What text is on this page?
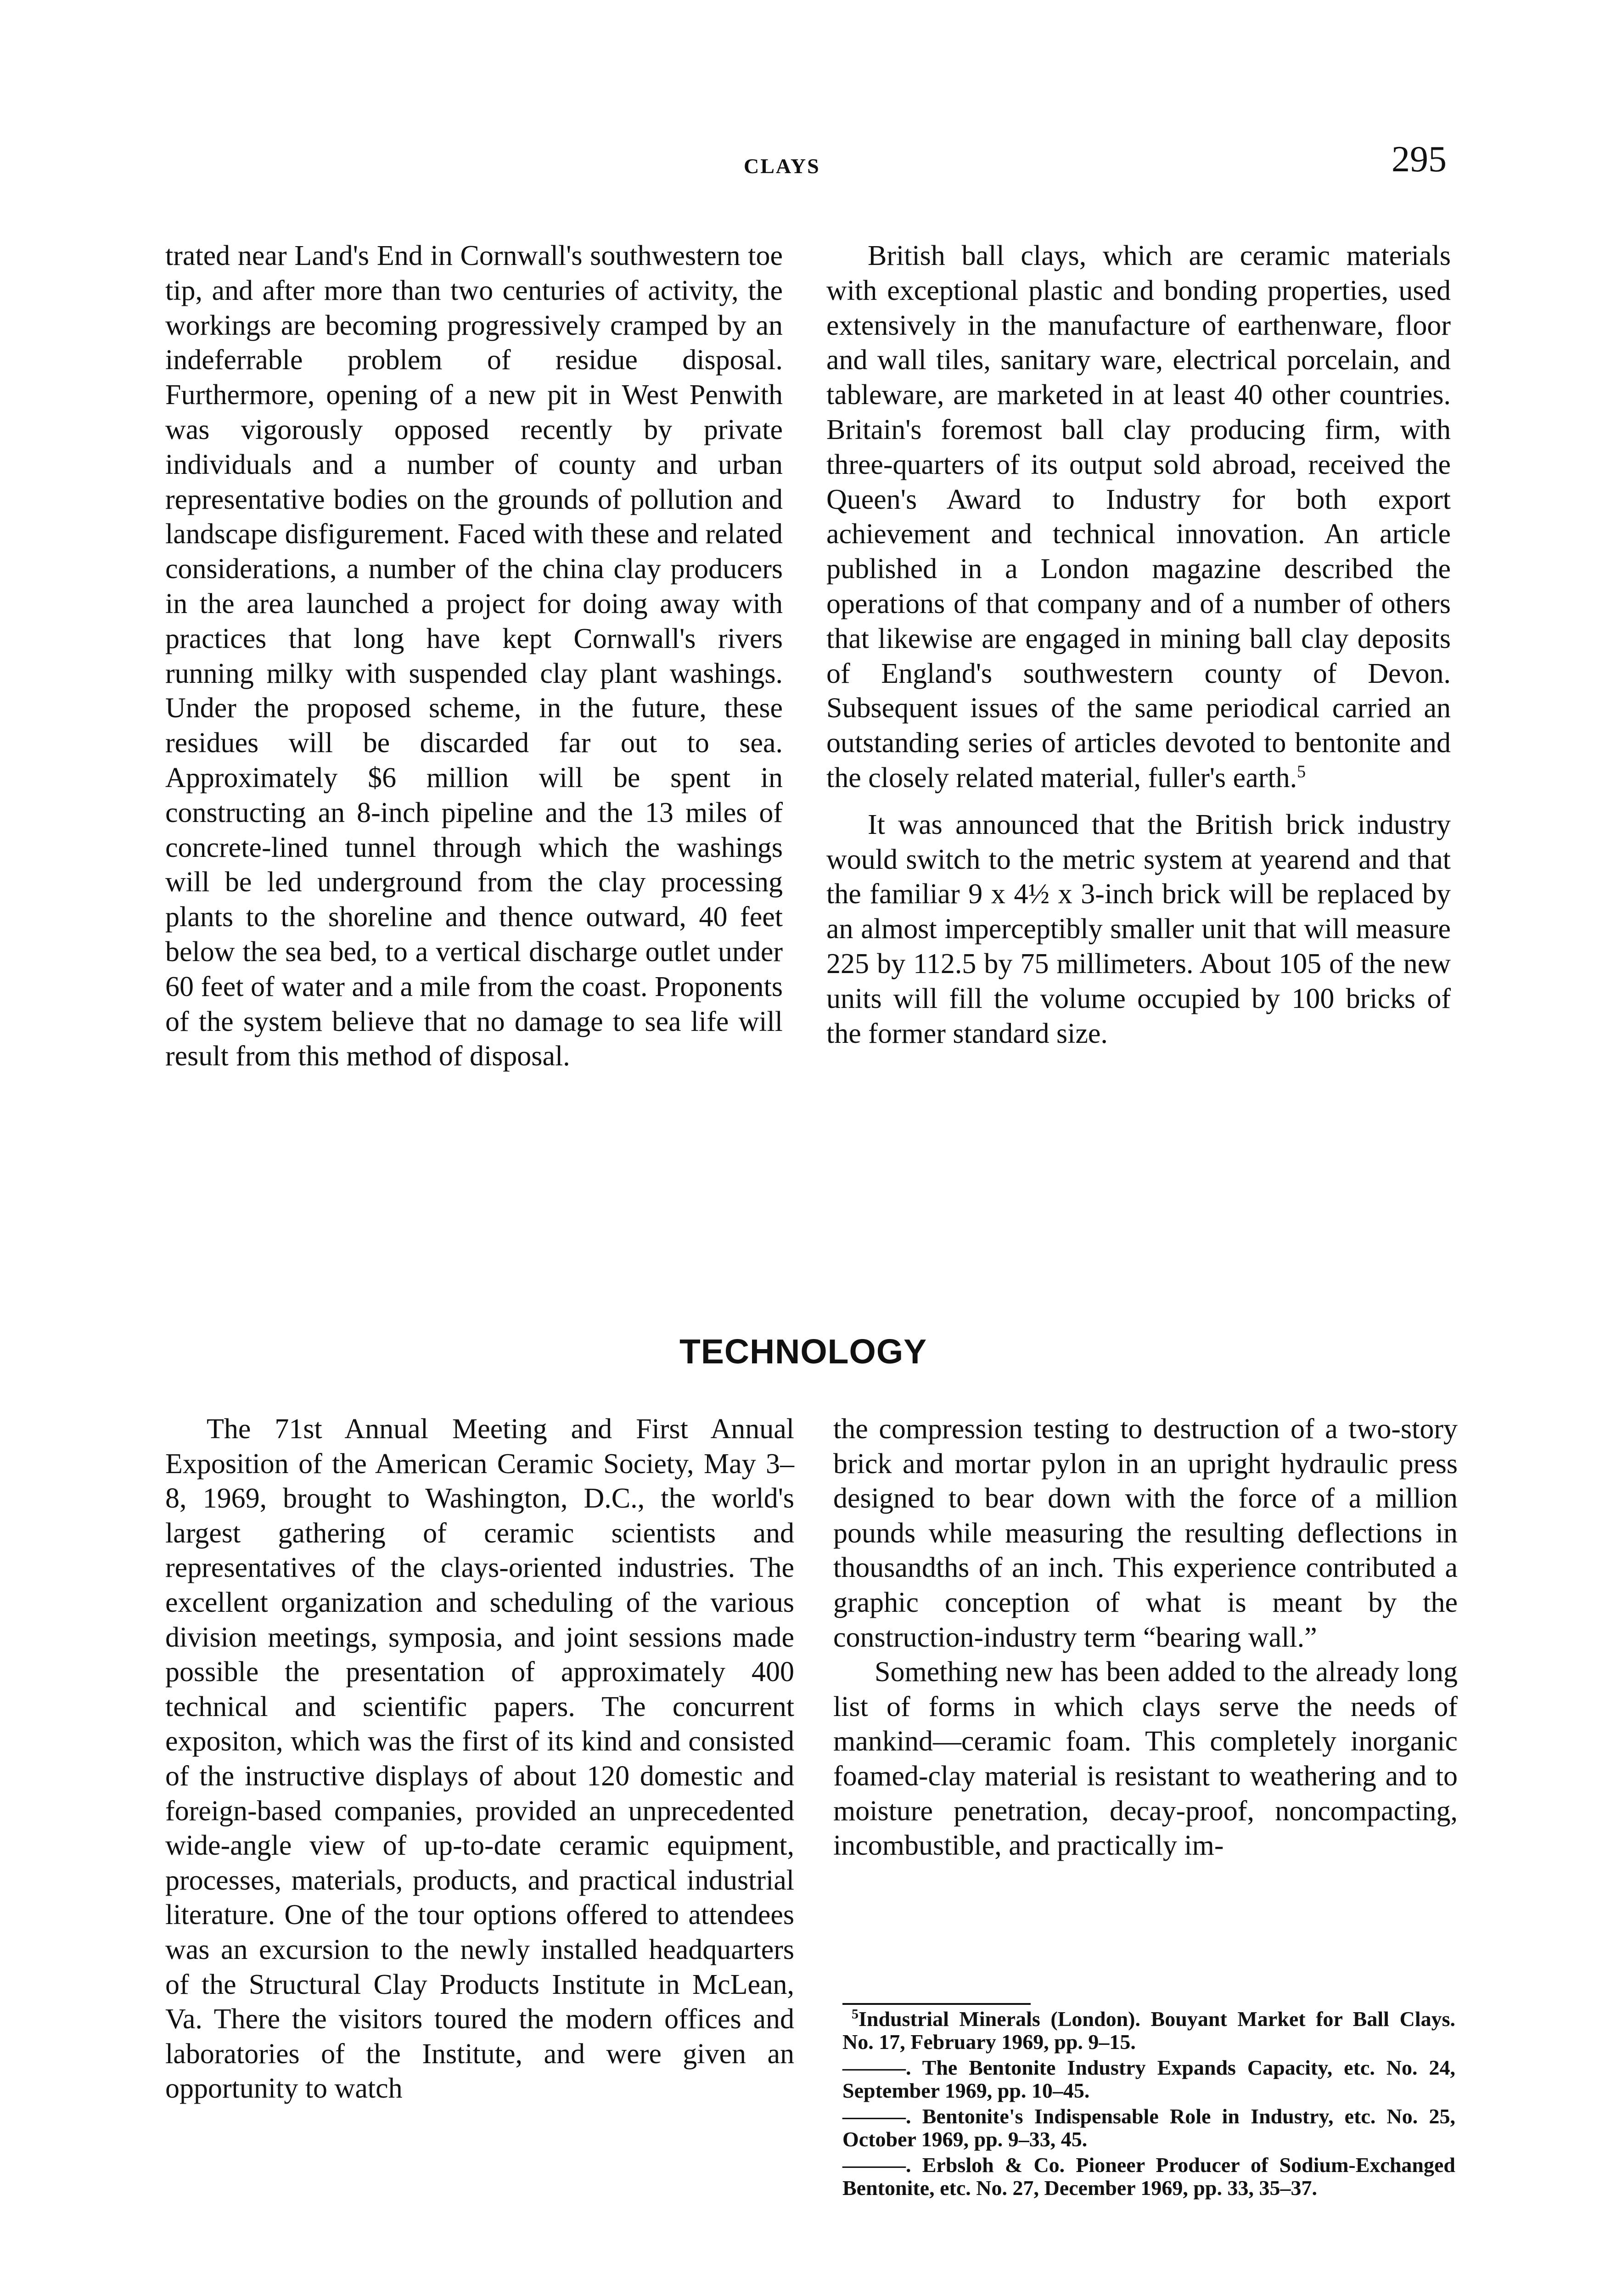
CLAYS	295

trated near Land's End in Cornwall's southwestern toe tip, and after more than two centuries of activity, the workings are becoming progressively cramped by an indeferrable problem of residue disposal. Furthermore, opening of a new pit in West Penwith was vigorously opposed recently by private individuals and a number of county and urban representative bodies on the grounds of pollution and landscape disfigurement. Faced with these and related considerations, a number of the china clay producers in the area launched a project for doing away with practices that long have kept Cornwall's rivers running milky with suspended clay plant washings. Under the proposed scheme, in the future, these residues will be discarded far out to sea. Approximately $6 million will be spent in constructing an 8-inch pipeline and the 13 miles of concrete-lined tunnel through which the washings will be led underground from the clay processing plants to the shoreline and thence outward, 40 feet below the sea bed, to a vertical discharge outlet under 60 feet of water and a mile from the coast. Proponents of the system believe that no damage to sea life will result from this method of disposal.

British ball clays, which are ceramic materials with exceptional plastic and bonding properties, used extensively in the manufacture of earthenware, floor and wall tiles, sanitary ware, electrical porcelain, and tableware, are marketed in at least 40 other countries. Britain's foremost ball clay producing firm, with three-quarters of its output sold abroad, received the Queen's Award to Industry for both export achievement and technical innovation. An article published in a London magazine described the operations of that company and of a number of others that likewise are engaged in mining ball clay deposits of England's southwestern county of Devon. Subsequent issues of the same periodical carried an outstanding series of articles devoted to bentonite and the closely related material, fuller's earth.$^5$

It was announced that the British brick industry would switch to the metric system at yearend and that the familiar 9 x 4½ x 3-inch brick will be replaced by an almost imperceptibly smaller unit that will measure 225 by 112.5 by 75 millimeters. About 105 of the new units will fill the volume occupied by 100 bricks of the former standard size.

TECHNOLOGY

The 71st Annual Meeting and First Annual Exposition of the American Ceramic Society, May 3–8, 1969, brought to Washington, D.C., the world's largest gathering of ceramic scientists and representatives of the clays-oriented industries. The excellent organization and scheduling of the various division meetings, symposia, and joint sessions made possible the presentation of approximately 400 technical and scientific papers. The concurrent expositon, which was the first of its kind and consisted of the instructive displays of about 120 domestic and foreign-based companies, provided an unprecedented wide-angle view of up-to-date ceramic equipment, processes, materials, products, and practical industrial literature. One of the tour options offered to attendees was an excursion to the newly installed headquarters of the Structural Clay Products Institute in McLean, Va. There the visitors toured the modern offices and laboratories of the Institute, and were given an opportunity to watch

the compression testing to destruction of a two-story brick and mortar pylon in an upright hydraulic press designed to bear down with the force of a million pounds while measuring the resulting deflections in thousandths of an inch. This experience contributed a graphic conception of what is meant by the construction-industry term “bearing wall.”

Something new has been added to the already long list of forms in which clays serve the needs of mankind—ceramic foam. This completely inorganic foamed-clay material is resistant to weathering and to moisture penetration, decay-proof, noncompacting, incombustible, and practically im-

$^5$Industrial Minerals (London). Bouyant Market for Ball Clays. No. 17, February 1969, pp. 9–15.

———. The Bentonite Industry Expands Capacity, etc. No. 24, September 1969, pp. 10–45.

———. Bentonite's Indispensable Role in Industry, etc. No. 25, October 1969, pp. 9–33, 45.

———. Erbsloh & Co. Pioneer Producer of Sodium-Exchanged Bentonite, etc. No. 27, December 1969, pp. 33, 35–37.
